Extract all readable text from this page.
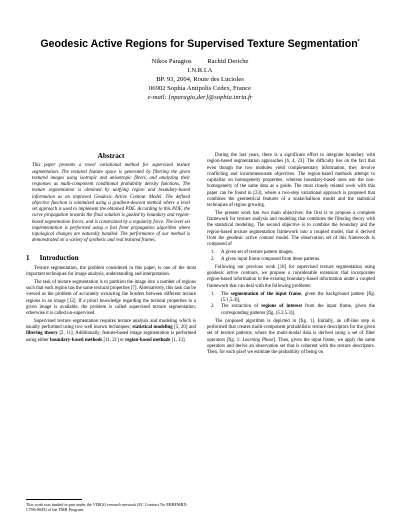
Geodesic Active Regions for Supervised Texture Segmentation*
Nikos Paragios Rachid Deriche
I.N.R.I.A
BP. 93, 2004, Route des Lucioles
06902 Sophia Antipolis Cedex, France
e-mail: {nparagio,der}@sophia.inria.fr
Abstract

This paper presents a novel variational method for supervised texture segmentation. The textured feature space is generated by filtering the given textured images using isotropic and anisotropic filters, and analyzing their responses as multi-component conditional probability density functions. The texture segmentation is obtained by unifying region and boundary-based information as an improved Geodesic Active Contour Model. The defined objective function is minimized using a gradient-descent method where a level set approach is used to implement the obtained PDE. According to this PDE, the curve propagation towards the final solution is guided by boundary and region-based segmentation forces, and is constrained by a regularity force. The level set implementation is performed using a fast front propagation algorithm where topological changes are naturally handled. The performance of our method is demonstrated on a variety of synthetic and real textured frames.

1 Introduction

Texture segmentation, the problem considered in this paper, is one of the most important techniques for image analysis, understanding and interpretation.

The task of texture segmentation is to partition the image into a number of regions such that each region has the same textural properties [7]. Alternatively, this task can be viewed as the problem of accurately extracting the borders between different texture regions in an image [12]. If a priori knowledge regarding the textural properties in a given image is available, the problem is called supervised texture segmentation; otherwise it is called un-supervised.

Supervised texture segmentation requires texture analysis and modeling which is usually performed using two well known techniques; statistical modeling [5, 20] and filtering theory [2, 11]. Additionally, feature-based image segmentation is performed using either boundary-based methods [11, 21] or region-based methods [1, 13].

This work was funded in part under the VIRGO research network (EC Contract No ERBFMRX-CT96-0049) of the TMR Program.

During the last years, there is a significant effort to integrate boundary with region-based segmentation approaches [6, 4, 23]. The difficulty lies on the fact that even though the two modules yield complementary information, they involve conflicting and incommensurate objectives. The region-based methods attempt to capitalize on homogeneity properties, whereas boundary-based ones use the non-homogeneity of the same data as a guide. The most closely related work with this paper can be found in [23], where a two-step variational approach is proposed that combines the geometrical features of a snake/balloon model and the statistical techniques of region growing.

The present work has two main objectives: the first is to propose a complete framework for texture analysis and modeling that combines the filtering theory with the statistical modeling. The second objective is to combine the boundary and the region-based texture segmentation framework into a coupled model, that is derived from the geodesic active contour model. The observation set of this framework is composed of

1. A given set of texture pattern images,
2. A given input frame composed from these patterns.

Following our previous work [18] for supervised texture segmentation using geodesic active contours, we propose a considerable extension that incorporates region-based information to the existing boundary-based information under a coupled framework that can deal with the following problems:

1. The segmentation of the input frame, given the background pattern [fig. (5.1,5.4)],
2. The extraction of regions of interest from the input frame, given the corresponding patterns [fig. (5.2,5.3)].

The proposed algorithm is depicted in [fig. 1]. Initially, an off-line step is performed that creates multi-component probabilistic texture descriptors for the given set of texture patterns, where the multi-modal data is derived using a set of filter operators [fig. 1: Learning Phase]. Then, given the input frame, we apply the same operators and derive an observation set that is coherent with the texture descriptors. Then, for each pixel we estimate the probability of being on
